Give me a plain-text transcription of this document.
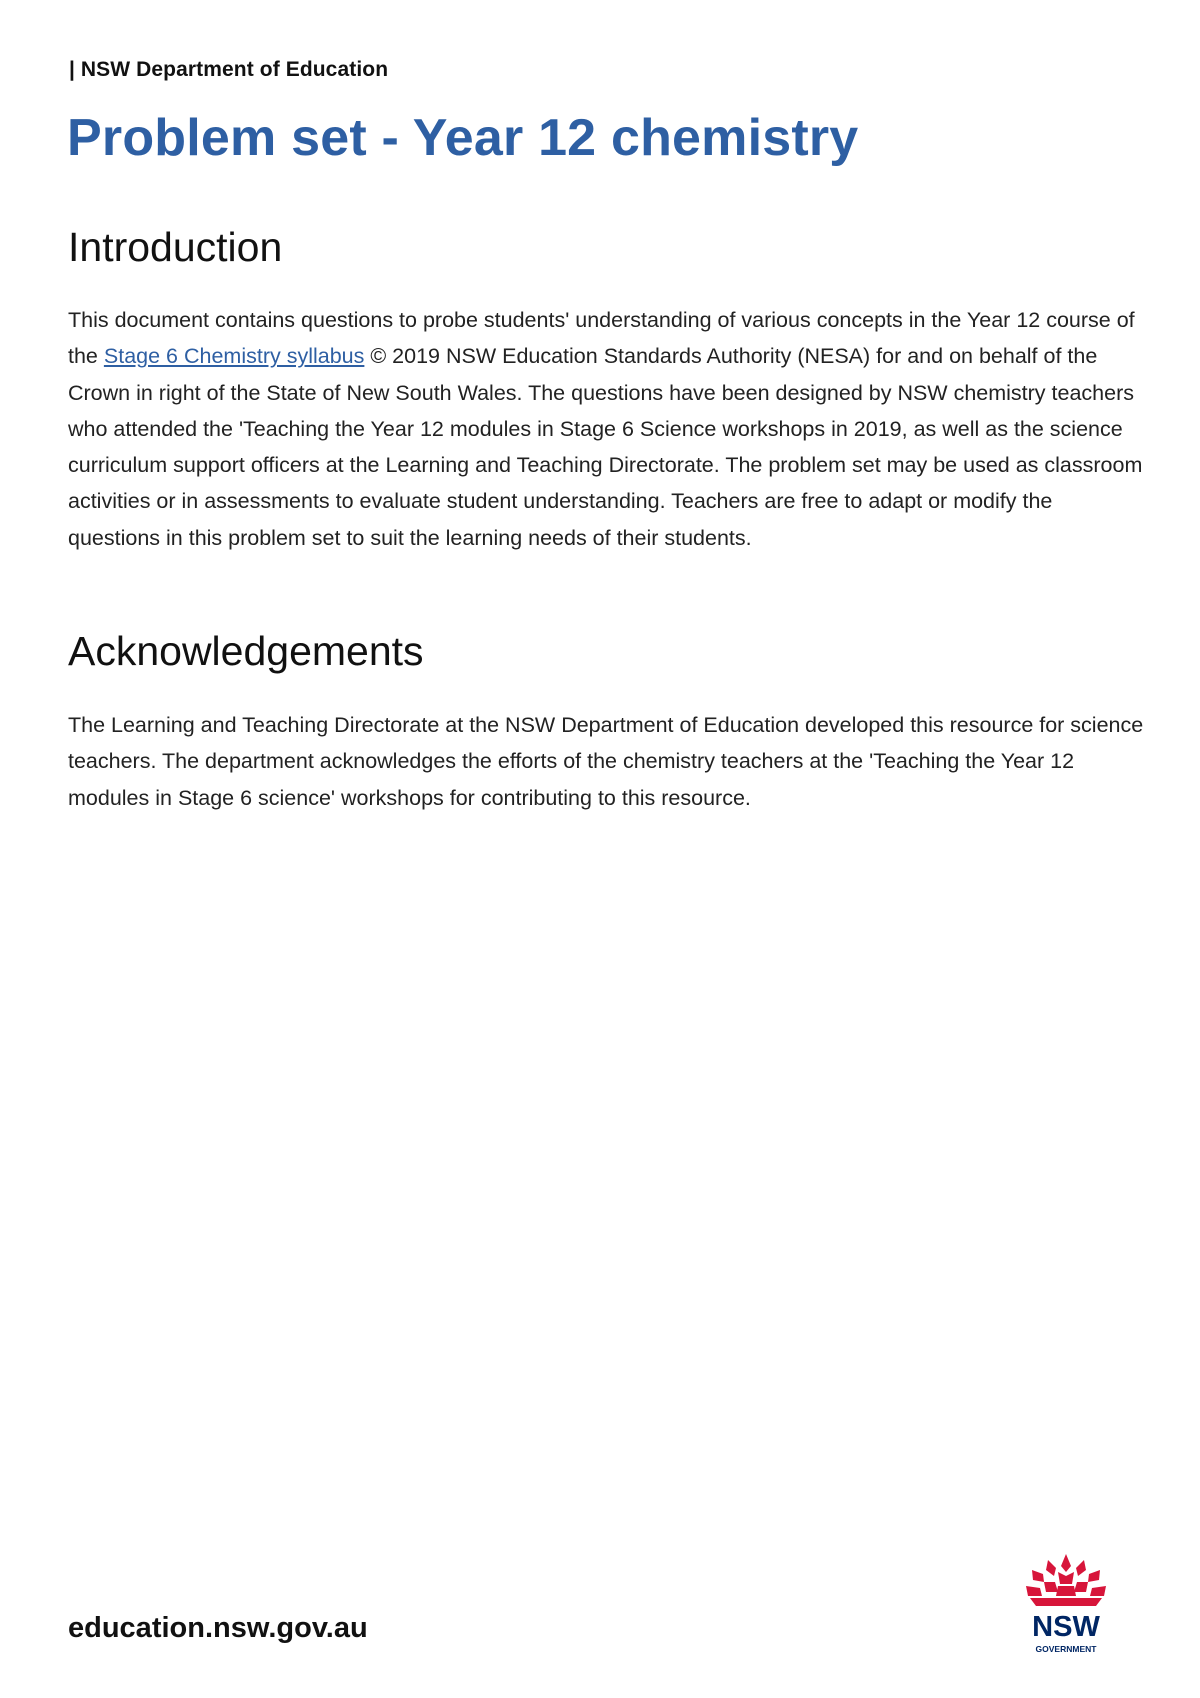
| NSW Department of Education
Problem set - Year 12 chemistry
Introduction

This document contains questions to probe students' understanding of various concepts in the Year 12 course of the Stage 6 Chemistry syllabus © 2019 NSW Education Standards Authority (NESA) for and on behalf of the Crown in right of the State of New South Wales. The questions have been designed by NSW chemistry teachers who attended the 'Teaching the Year 12 modules in Stage 6 Science workshops in 2019, as well as the science curriculum support officers at the Learning and Teaching Directorate. The problem set may be used as classroom activities or in assessments to evaluate student understanding. Teachers are free to adapt or modify the questions in this problem set to suit the learning needs of their students.

Acknowledgements

The Learning and Teaching Directorate at the NSW Department of Education developed this resource for science teachers. The department acknowledges the efforts of the chemistry teachers at the 'Teaching the Year 12 modules in Stage 6 science' workshops for contributing to this resource.

education.nsw.gov.au	NSW
GOVERNMENT
